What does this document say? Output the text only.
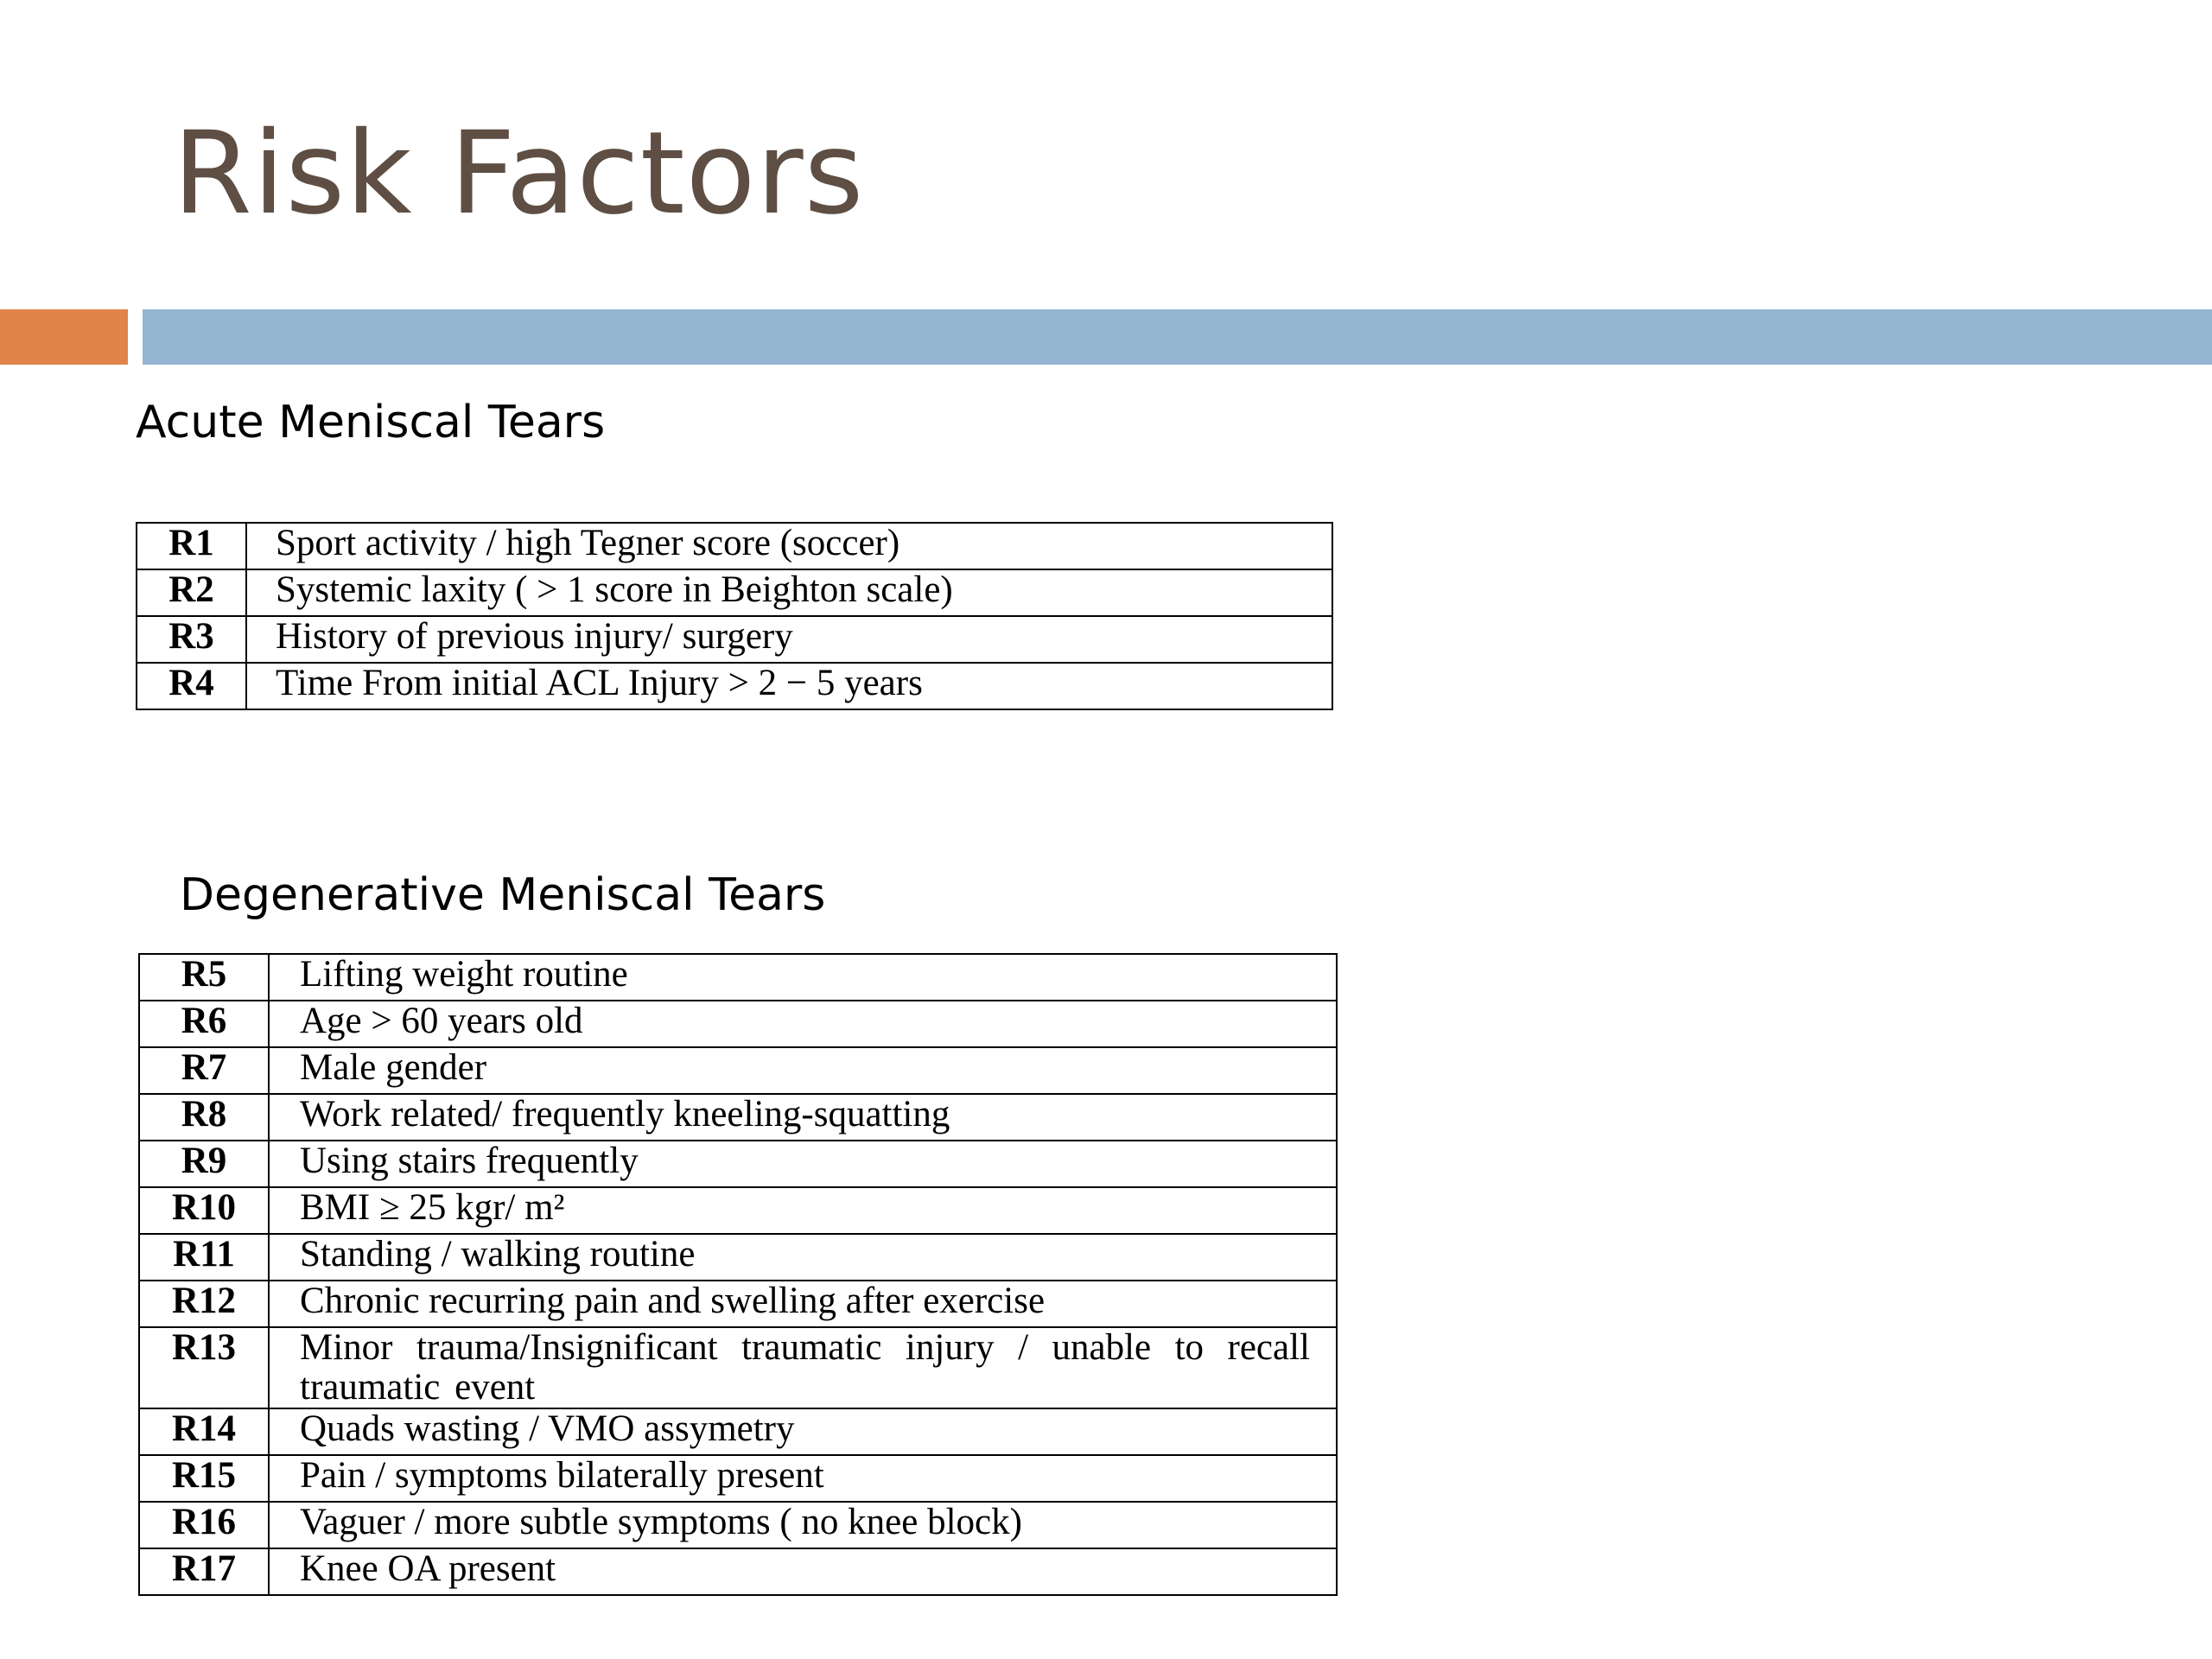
Risk Factors
Acute Meniscal Tears
R1	Sport activity / high Tegner score (soccer)
R2	Systemic laxity ( > 1 score in Beighton scale)
R3	History of previous injury/ surgery
R4	Time From initial ACL Injury > 2 − 5 years
Degenerative Meniscal Tears
R5	Lifting weight routine
R6	Age > 60 years old
R7	Male gender
R8	Work related/ frequently kneeling-squatting
R9	Using stairs frequently
R10	BMI ≥ 25 kgr/ m²
R11	Standing / walking routine
R12	Chronic recurring pain and swelling after exercise
R13	Minor trauma/Insignificant traumatic injury / unable to recall traumatic event
R14	Quads wasting / VMO assymetry
R15	Pain / symptoms bilaterally present
R16	Vaguer / more subtle symptoms ( no knee block)
R17	Knee OA present
